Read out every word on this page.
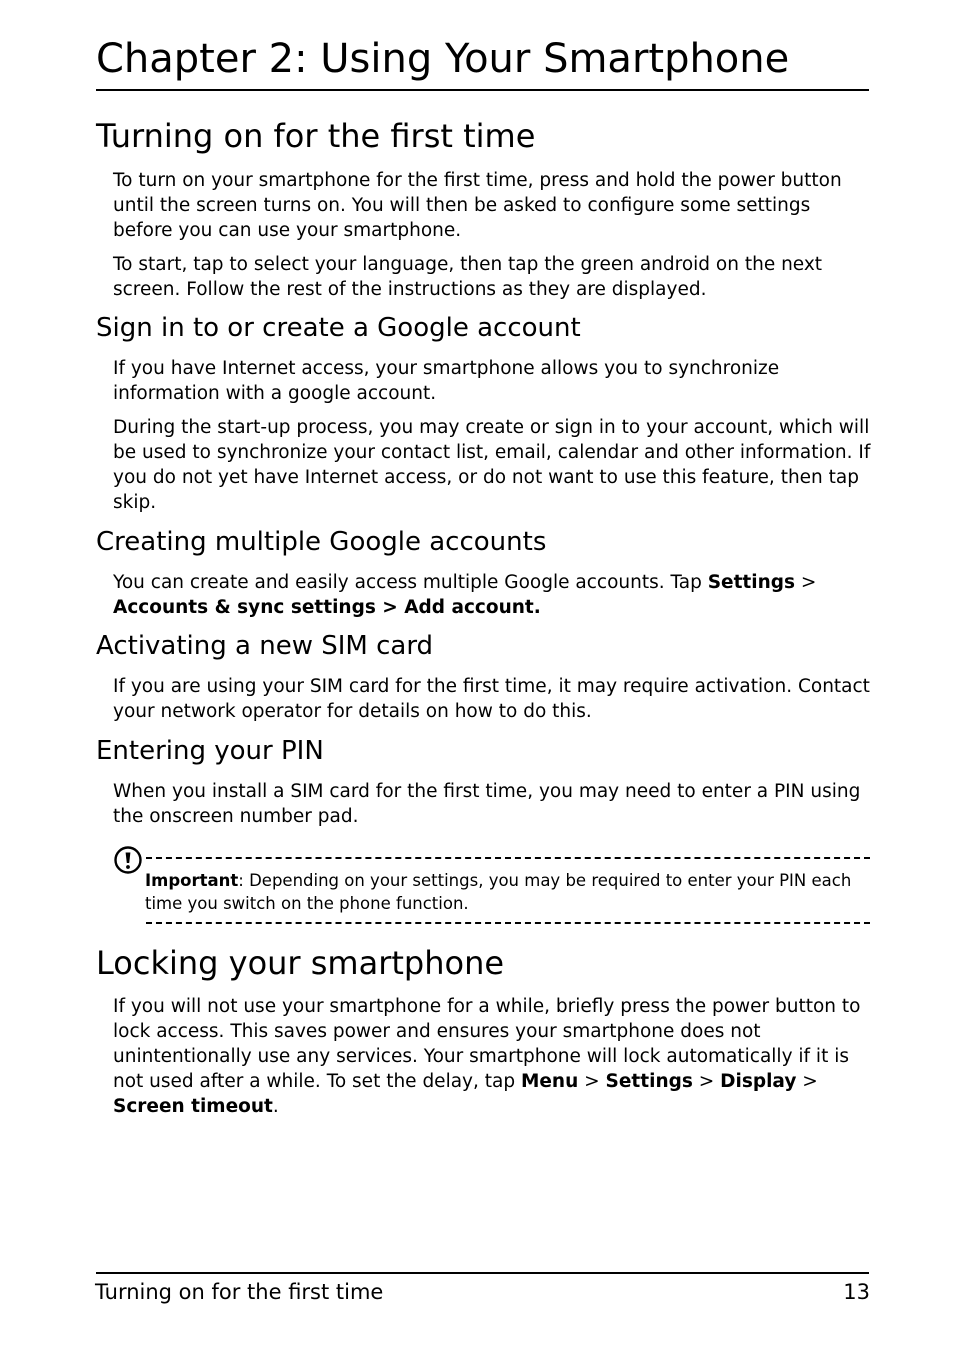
Chapter 2: Using Your Smartphone
Turning on for the first time

To turn on your smartphone for the first time, press and hold the power button until the screen turns on. You will then be asked to configure some settings before you can use your smartphone.

To start, tap to select your language, then tap the green android on the next screen. Follow the rest of the instructions as they are displayed.

Sign in to or create a Google account

If you have Internet access, your smartphone allows you to synchronize information with a google account.

During the start-up process, you may create or sign in to your account, which will be used to synchronize your contact list, email, calendar and other information. If you do not yet have Internet access, or do not want to use this feature, then tap skip.

Creating multiple Google accounts

You can create and easily access multiple Google accounts. Tap Settings > Accounts & sync settings > Add account.

Activating a new SIM card

If you are using your SIM card for the first time, it may require activation. Contact your network operator for details on how to do this.

Entering your PIN

When you install a SIM card for the first time, you may need to enter a PIN using the onscreen number pad.

Important: Depending on your settings, you may be required to enter your PIN each time you switch on the phone function.

Locking your smartphone

If you will not use your smartphone for a while, briefly press the power button to lock access. This saves power and ensures your smartphone does not unintentionally use any services. Your smartphone will lock automatically if it is not used after a while. To set the delay, tap Menu > Settings > Display > Screen timeout.

Turning on for the first time	13
